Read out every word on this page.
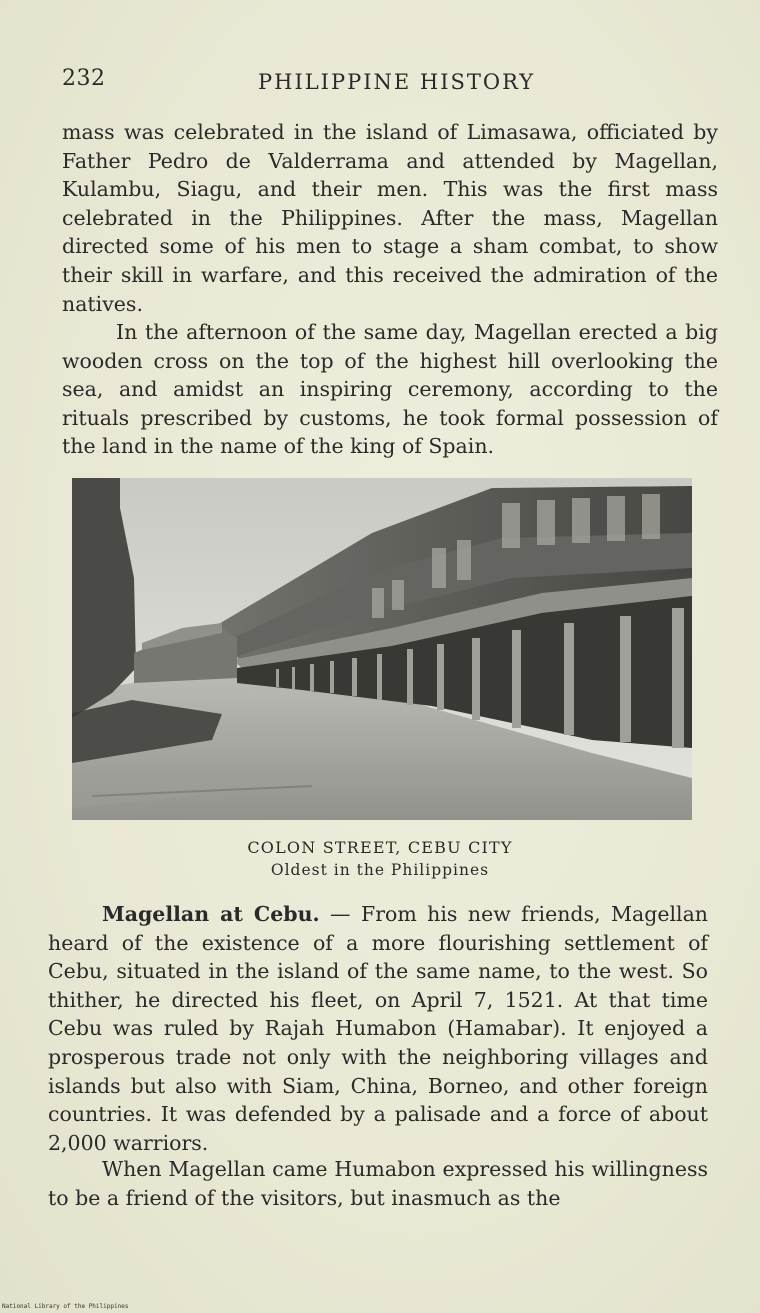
232	PHILIPPINE HISTORY

mass was celebrated in the island of Limasawa, officiated by Father Pedro de Valderrama and attended by Magellan, Kulambu, Siagu, and their men. This was the first mass celebrated in the Philippines. After the mass, Magellan directed some of his men to stage a sham combat, to show their skill in warfare, and this received the admiration of the natives.

In the afternoon of the same day, Magellan erected a big wooden cross on the top of the highest hill overlooking the sea, and amidst an inspiring ceremony, according to the rituals prescribed by customs, he took formal possession of the land in the name of the king of Spain.

COLON STREET, CEBU CITY
Oldest in the Philippines

Magellan at Cebu. — From his new friends, Magellan heard of the existence of a more flourishing settlement of Cebu, situated in the island of the same name, to the west. So thither, he directed his fleet, on April 7, 1521. At that time Cebu was ruled by Rajah Humabon (Hamabar). It enjoyed a prosperous trade not only with the neighboring villages and islands but also with Siam, China, Borneo, and other foreign countries. It was defended by a palisade and a force of about 2,000 warriors.

When Magellan came Humabon expressed his willingness to be a friend of the visitors, but inasmuch as the

National Library of the Philippines
